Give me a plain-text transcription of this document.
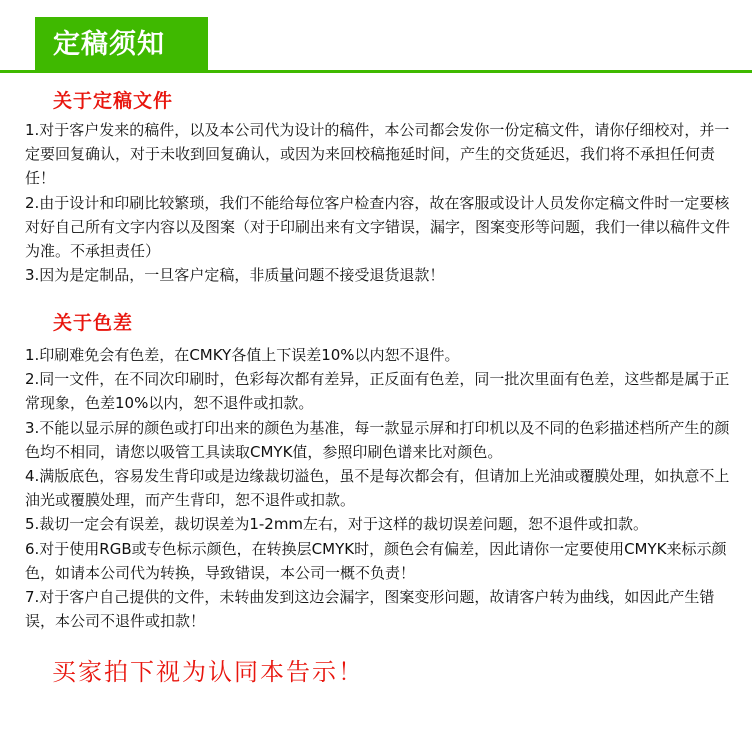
定稿须知
关于定稿文件

1.对于客户发来的稿件，以及本公司代为设计的稿件，本公司都会发你一份定稿文件，请你仔细校对，并一定要回复确认，对于未收到回复确认，或因为来回校稿拖延时间，产生的交货延迟，我们将不承担任何责任！

2.由于设计和印刷比较繁琐，我们不能给每位客户检查内容，故在客服或设计人员发你定稿文件时一定要核对好自己所有文字内容以及图案（对于印刷出来有文字错误，漏字，图案变形等问题，我们一律以稿件文件为准。不承担责任）

3.因为是定制品，一旦客户定稿，非质量问题不接受退货退款！

关于色差

1.印刷难免会有色差，在CMKY各值上下误差10%以内恕不退件。

2.同一文件，在不同次印刷时，色彩每次都有差异，正反面有色差，同一批次里面有色差，这些都是属于正常现象，色差10%以内，恕不退件或扣款。

3.不能以显示屏的颜色或打印出来的颜色为基准，每一款显示屏和打印机以及不同的色彩描述档所产生的颜色均不相同，请您以吸管工具读取CMYK值，参照印刷色谱来比对颜色。

4.满版底色，容易发生背印或是边缘裁切溢色，虽不是每次都会有，但请加上光油或覆膜处理，如执意不上油光或覆膜处理，而产生背印，恕不退件或扣款。

5.裁切一定会有误差，裁切误差为1-2mm左右，对于这样的裁切误差问题，恕不退件或扣款。

6.对于使用RGB或专色标示颜色，在转换层CMYK时，颜色会有偏差，因此请你一定要使用CMYK来标示颜色，如请本公司代为转换，导致错误，本公司一概不负责！

7.对于客户自己提供的文件，未转曲发到这边会漏字，图案变形问题，故请客户转为曲线，如因此产生错误，本公司不退件或扣款！

买家拍下视为认同本告示！
